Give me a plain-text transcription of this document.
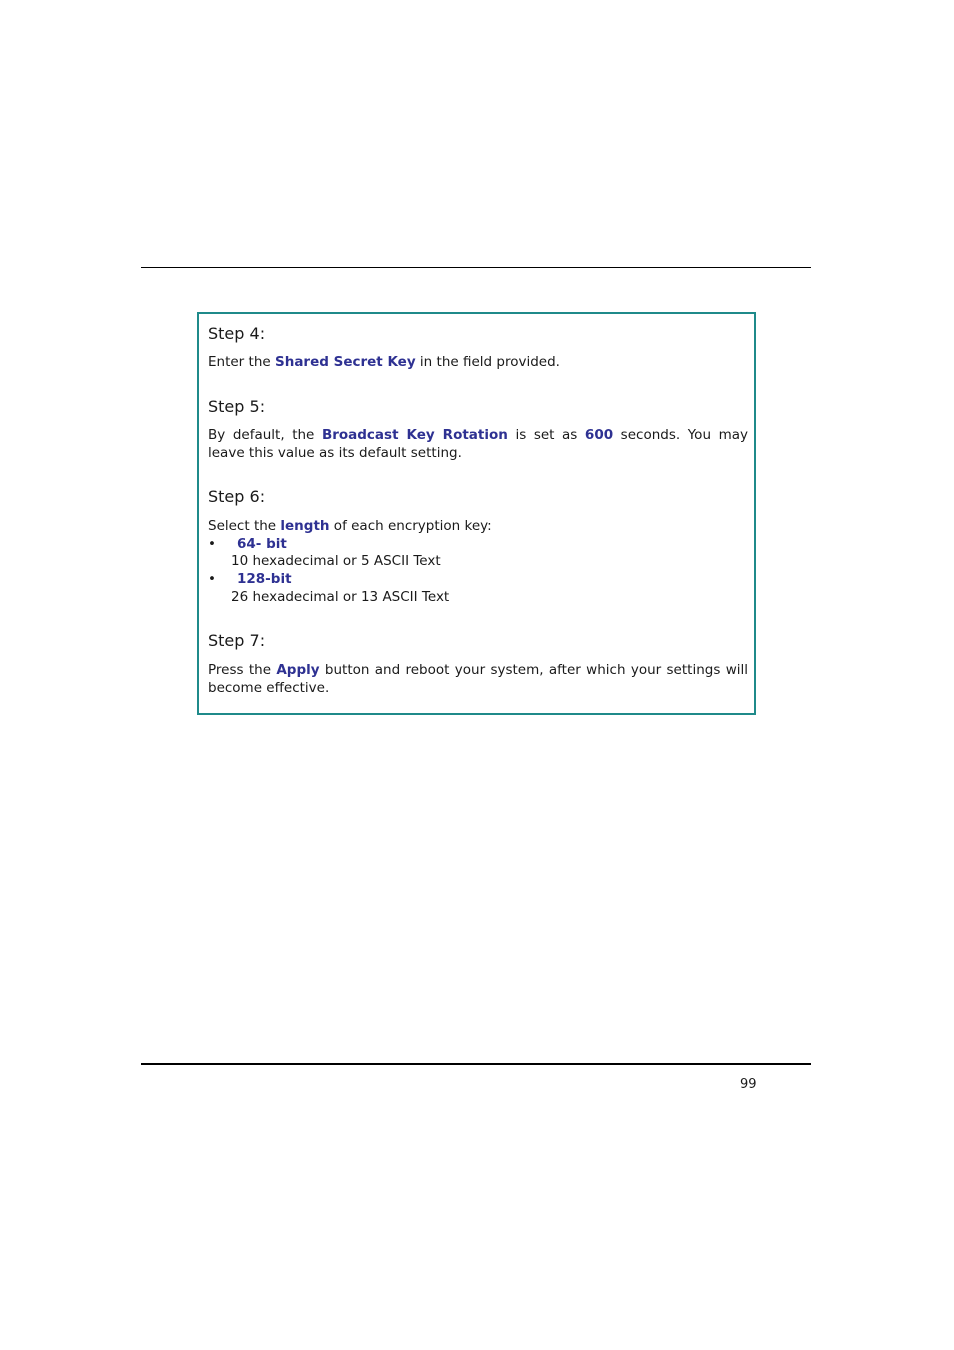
Step 4:

Enter the Shared Secret Key in the field provided.

Step 5:

By default, the Broadcast Key Rotation is set as 600 seconds. You may leave this value as its default setting.

Step 6:

Select the length of each encryption key:

• 64- bit
10 hexadecimal or 5 ASCII Text
• 128-bit
26 hexadecimal or 13 ASCII Text
Step 7:

Press the Apply button and reboot your system, after which your settings will become effective.

99
